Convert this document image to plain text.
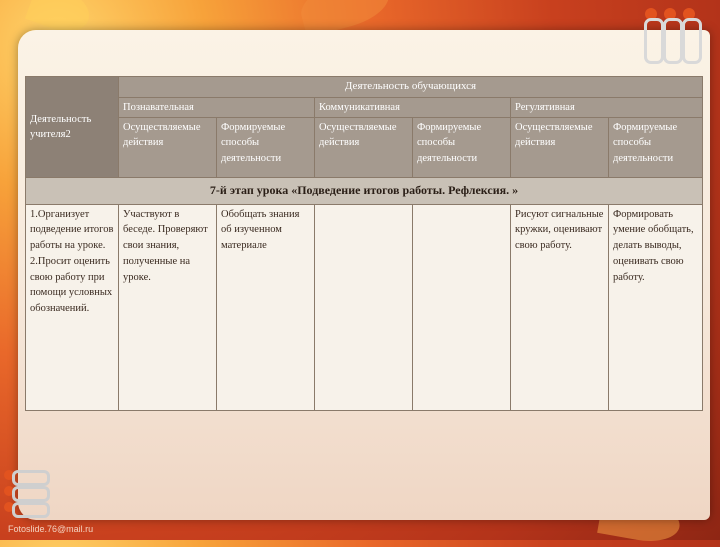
Деятельность учителя2	Деятельность обучающихся					
	Познавательная		Коммуникативная		Регулятивная	
	Осуществляемые действия	Формируемые способы деятельности	Осуществляемые действия	Формируемые способы деятельности	Осуществляемые действия	Формируемые способы деятельности
7-й этап урока «Подведение итогов работы. Рефлексия. »						
1.Организует подведение итогов работы на уроке. 2.Просит оценить свою работу при помощи условных обозначений.	Участвуют в беседе. Проверяют свои знания, полученные на уроке.	Обобщать знания об изученном материале			Рисуют сигнальные кружки, оценивают свою работу.	Формировать умение обобщать, делать выводы, оценивать свою работу.
Fotoslide.76@mail.ru
